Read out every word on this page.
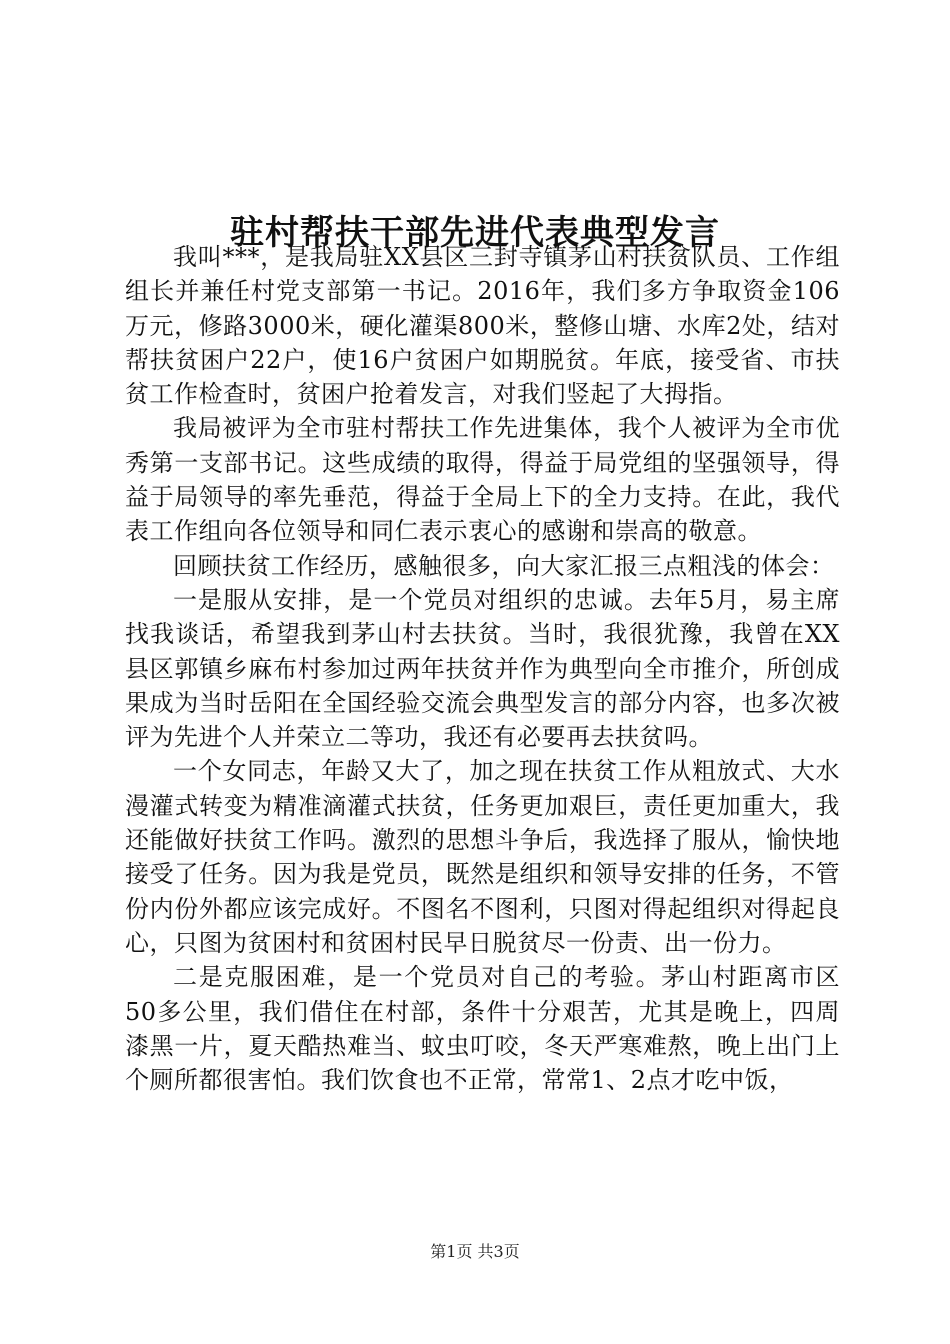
驻村帮扶干部先进代表典型发言

我叫***，是我局驻XX县区三封寺镇茅山村扶贫队员、工作组组长并兼任村党支部第一书记。2016年，我们多方争取资金106万元，修路3000米，硬化灌渠800米，整修山塘、水库2处，结对帮扶贫困户22户，使16户贫困户如期脱贫。年底，接受省、市扶贫工作检查时，贫困户抢着发言，对我们竖起了大拇指。

我局被评为全市驻村帮扶工作先进集体，我个人被评为全市优秀第一支部书记。这些成绩的取得，得益于局党组的坚强领导，得益于局领导的率先垂范，得益于全局上下的全力支持。在此，我代表工作组向各位领导和同仁表示衷心的感谢和崇高的敬意。

回顾扶贫工作经历，感触很多，向大家汇报三点粗浅的体会：

一是服从安排，是一个党员对组织的忠诚。去年5月，易主席找我谈话，希望我到茅山村去扶贫。当时，我很犹豫，我曾在XX县区郭镇乡麻布村参加过两年扶贫并作为典型向全市推介，所创成果成为当时岳阳在全国经验交流会典型发言的部分内容，也多次被评为先进个人并荣立二等功，我还有必要再去扶贫吗。

一个女同志，年龄又大了，加之现在扶贫工作从粗放式、大水漫灌式转变为精准滴灌式扶贫，任务更加艰巨，责任更加重大，我还能做好扶贫工作吗。激烈的思想斗争后，我选择了服从，愉快地接受了任务。因为我是党员，既然是组织和领导安排的任务，不管份内份外都应该完成好。不图名不图利，只图对得起组织对得起良心，只图为贫困村和贫困村民早日脱贫尽一份责、出一份力。

二是克服困难，是一个党员对自己的考验。茅山村距离市区50多公里，我们借住在村部，条件十分艰苦，尤其是晚上，四周漆黑一片，夏天酷热难当、蚊虫叮咬，冬天严寒难熬，晚上出门上个厕所都很害怕。我们饮食也不正常，常常1、2点才吃中饭，

第1页 共3页
